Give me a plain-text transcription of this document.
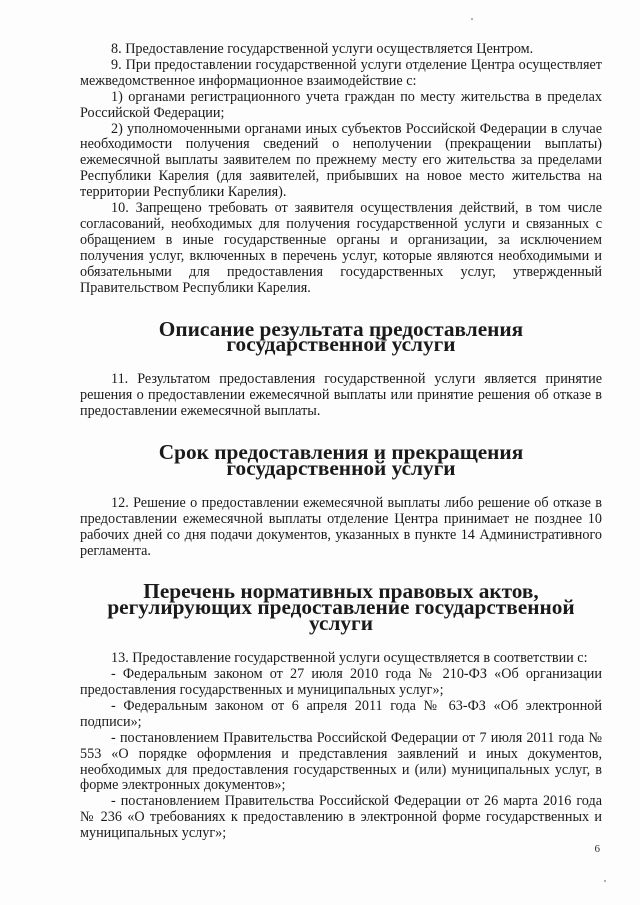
8. Предоставление государственной услуги осуществляется Центром.

9. При предоставлении государственной услуги отделение Центра осуществляет межведомственное информационное взаимодействие с:

1) органами регистрационного учета граждан по месту жительства в пределах Российской Федерации;

2) уполномоченными органами иных субъектов Российской Федерации в случае необходимости получения сведений о неполучении (прекращении выплаты) ежемесячной выплаты заявителем по прежнему месту его жительства за пределами Республики Карелия (для заявителей, прибывших на новое место жительства на территории Республики Карелия).

10. Запрещено требовать от заявителя осуществления действий, в том числе согласований, необходимых для получения государственной услуги и связанных с обращением в иные государственные органы и организации, за исключением получения услуг, включенных в перечень услуг, которые являются необходимыми и обязательными для предоставления государственных услуг, утвержденный Правительством Республики Карелия.

Описание результата предоставления государственной услуги

11. Результатом предоставления государственной услуги является принятие решения о предоставлении ежемесячной выплаты или принятие решения об отказе в предоставлении ежемесячной выплаты.

Срок предоставления и прекращения государственной услуги

12. Решение о предоставлении ежемесячной выплаты либо решение об отказе в предоставлении ежемесячной выплаты отделение Центра принимает не позднее 10 рабочих дней со дня подачи документов, указанных в пункте 14 Административного регламента.

Перечень нормативных правовых актов, регулирующих предоставление государственной услуги

13. Предоставление государственной услуги осуществляется в соответствии с:

- Федеральным законом от 27 июля 2010 года № 210-ФЗ «Об организации предоставления государственных и муниципальных услуг»;

- Федеральным законом от 6 апреля 2011 года № 63-ФЗ «Об электронной подписи»;

- постановлением Правительства Российской Федерации от 7 июля 2011 года № 553 «О порядке оформления и представления заявлений и иных документов, необходимых для предоставления государственных и (или) муниципальных услуг, в форме электронных документов»;

- постановлением Правительства Российской Федерации от 26 марта 2016 года № 236 «О требованиях к предоставлению в электронной форме государственных и муниципальных услуг»;

6
